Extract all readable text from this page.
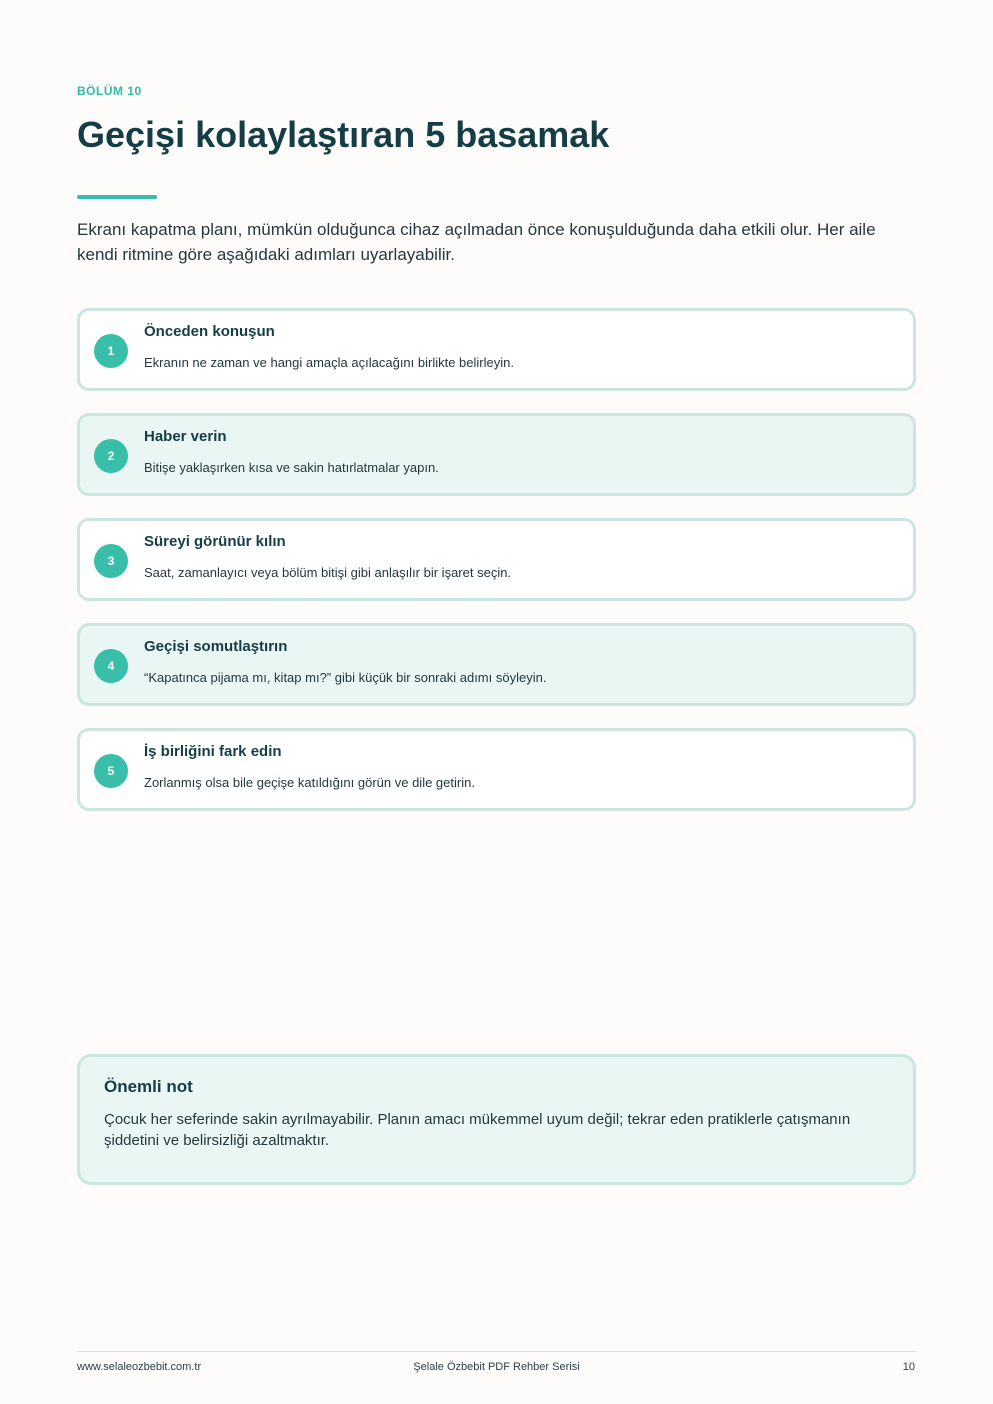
BÖLÜM 10
Geçişi kolaylaştıran 5 basamak

Ekranı kapatma planı, mümkün olduğunca cihaz açılmadan önce konuşulduğunda daha etkili olur. Her aile kendi ritmine göre aşağıdaki adımları uyarlayabilir.

1
Önceden konuşun
Ekranın ne zaman ve hangi amaçla açılacağını birlikte belirleyin.
2
Haber verin
Bitişe yaklaşırken kısa ve sakin hatırlatmalar yapın.
3
Süreyi görünür kılın
Saat, zamanlayıcı veya bölüm bitişi gibi anlaşılır bir işaret seçin.
4
Geçişi somutlaştırın
“Kapatınca pijama mı, kitap mı?” gibi küçük bir sonraki adımı söyleyin.
5
İş birliğini fark edin
Zorlanmış olsa bile geçişe katıldığını görün ve dile getirin.
Önemli not
Çocuk her seferinde sakin ayrılmayabilir. Planın amacı mükemmel uyum değil; tekrar eden pratiklerle çatışmanın şiddetini ve belirsizliği azaltmaktır.
www.selaleozbebit.com.tr	Şelale Özbebit PDF Rehber Serisi	10
